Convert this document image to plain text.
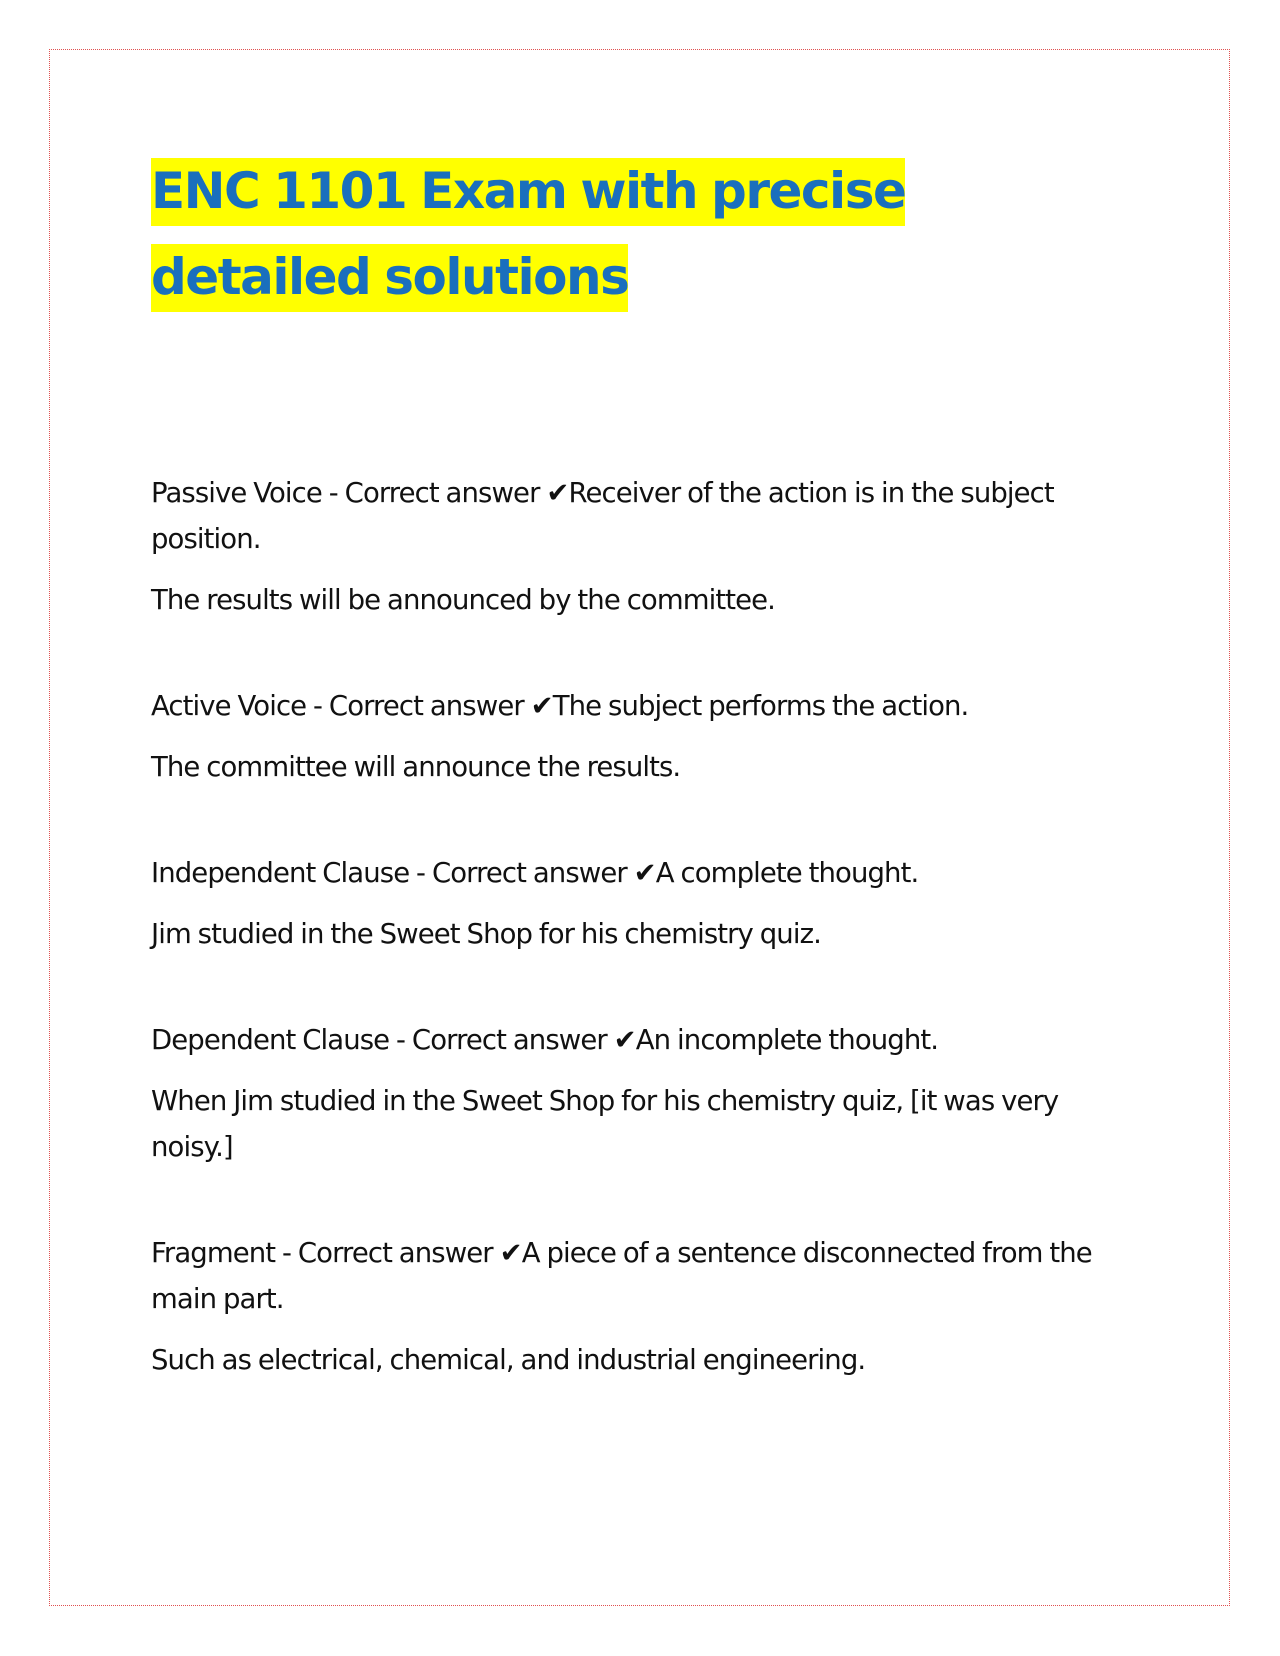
ENC 1101 Exam with precise detailed solutions

Passive Voice - Correct answer ✔Receiver of the action is in the subject position.

The results will be announced by the committee.

Active Voice - Correct answer ✔The subject performs the action.

The committee will announce the results.

Independent Clause - Correct answer ✔A complete thought.

Jim studied in the Sweet Shop for his chemistry quiz.

Dependent Clause - Correct answer ✔An incomplete thought.

When Jim studied in the Sweet Shop for his chemistry quiz, [it was very noisy.]

Fragment - Correct answer ✔A piece of a sentence disconnected from the main part.

Such as electrical, chemical, and industrial engineering.
